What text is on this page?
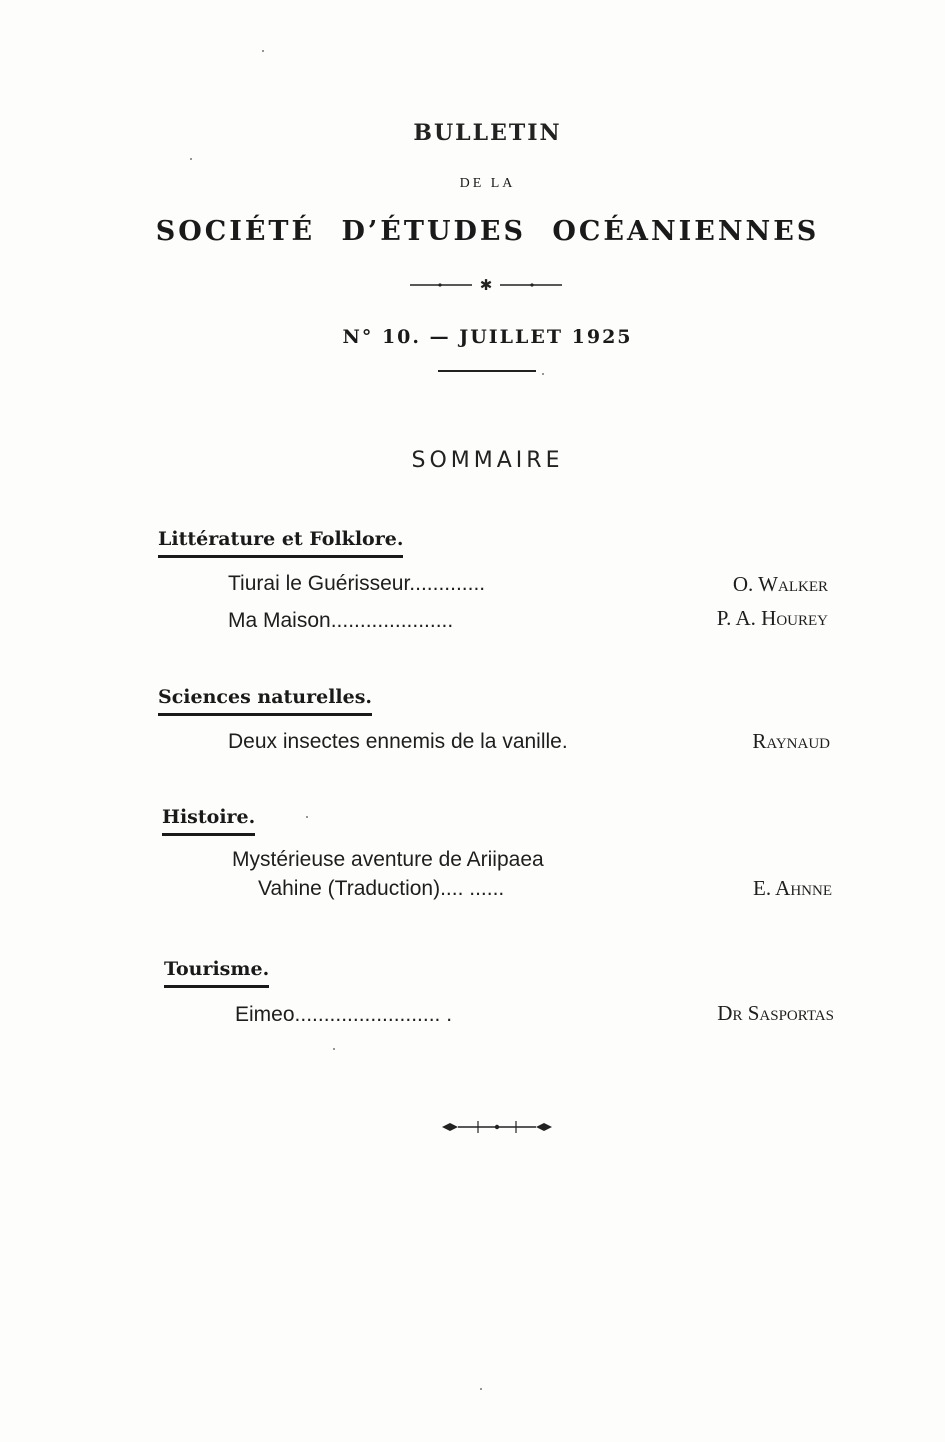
BULLETIN
DE LA
SOCIÉTÉ D’ÉTUDES OCÉANIENNES
✱
N° 10. — JUILLET 1925
SOMMAIRE
Littérature et Folklore.
Tiurai le Guérisseur.............	O. Walker
Ma Maison.....................	P. A. Hourey
Sciences naturelles.
Deux insectes ennemis de la vanille.	Raynaud
Histoire.
Mystérieuse aventure de Ariipaea
Vahine (Traduction).... ......	E. Ahnne
Tourisme.
Eimeo......................... .	Dr Sasportas
